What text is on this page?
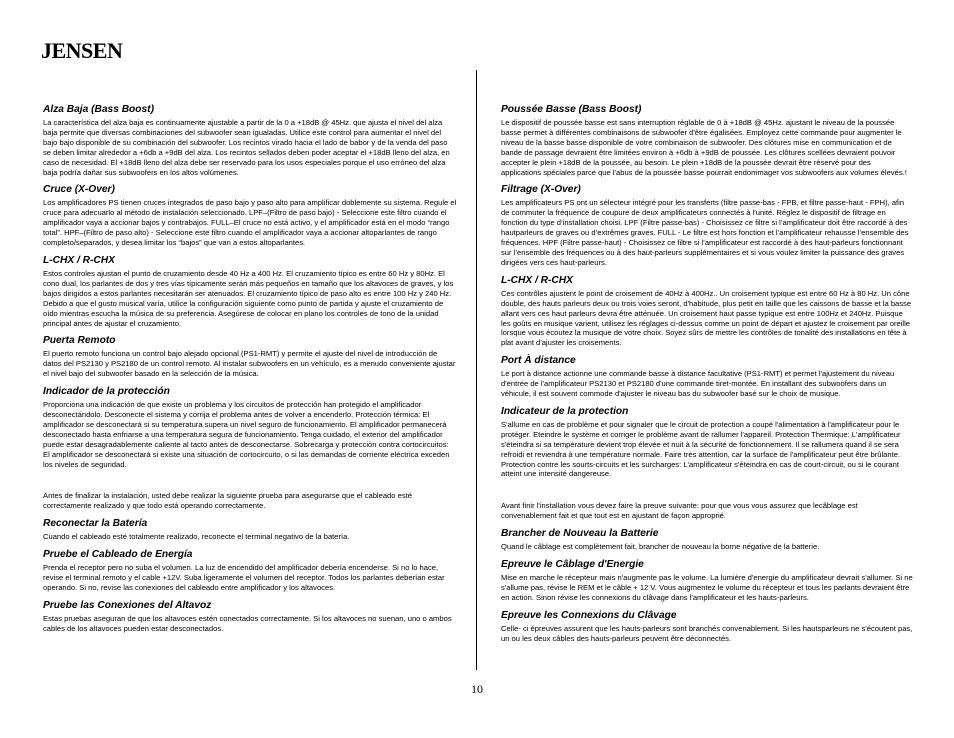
JENSEN
Alza Baja (Bass Boost)

La característica del alza baja es continuamente ajustable a partir de la 0 a +18dB @ 45Hz. que ajusta el nivel del alza baja permite que diversas combinaciones del subwoofer sean igualadas. Utilice este control para aumentar el nivel del bajo bajo disponible de su combinación del subwoofer. Los recintos virado hacia el lado de babor y de la venda del paso se deben limitar alrededor a +6db a +9dB del alza. Los recintos sellados deben poder aceptar el +18dB lleno del alza, en caso de necesidad. El +18dB lleno del alza debe ser reservado para los usos especiales porque el uso erróneo del alza baja podría dañar sus subwoofers en los altos volúmenes.

Cruce (X-Over)

Los amplificadores PS tienen cruces integrados de paso bajo y paso alto para amplificar doblemente su sistema. Regule el cruce para adecuarlo al método de instalación seleccionado. LPF–(Filtro de paso bajo) - Seleccione este filtro cuando el amplificador vaya a accionar bajos y contrabajos. FULL–El cruce no está activo, y el amplificador está en el modo “rango total”. HPF–(Filtro de paso alto) - Seleccione este filtro cuando el amplificador vaya a accionar altoparlantes de rango completo/separados, y desea limitar los “bajos” que van a estos altoparlantes.

L-CHX / R-CHX

Estos controles ajustan el punto de cruzamiento desde 40 Hz a 400 Hz. El cruzamiento típico es entre 60 Hz y 80Hz. El cono dual, los parlantes de dos y tres vías típicamente serán más pequeños en tamaño que los altavoces de graves, y los bajos dirigidos a estos parlantes necesitarán ser atenuados. El cruzamiento típico de paso alto es entre 100 Hz y 240 Hz. Debido a que el gusto musical varía, utilice la configuración siguiente como punto de partida y ajuste el cruzamiento de oído mientras escucha la música de su preferencia. Asegúrese de colocar en plano los controles de tono de la unidad principal antes de ajustar el cruzamiento.

Puerta Remoto

El puerto remoto funciona un control bajo alejado opcional (PS1-RMT) y permite el ajuste del nivel de introducción de datos del PS2130 y PS2180 de un control remoto. Al instalar subwoofers en un vehículo, es a menudo conveniente ajustar el nivel bajo del subwoofer basado en la selección de la música.

Indicador de la protección

Proporciona una indicación de que existe un problema y los circuitos de protección han protegido el amplificador desconectándolo. Desconecte el sistema y corrija el problema antes de volver a encenderlo. Protección térmica: El amplificador se desconectará si su temperatura supera un nivel seguro de funcionamiento. El amplificador permanecerá desconectado hasta enfriarse a una temperatura segura de funcionamiento. Tenga cuidado, el exterior del amplificador puede estar desagradablemente caliente al tacto antes de desconectarse. Sobrecarga y protección contra cortocircuitos: El amplificador se desconectará si existe una situación de cortocircuito, o si las demandas de corriente eléctrica exceden los niveles de seguridad.

Antes de finalizar la instalación, usted debe realizar la siguiente prueba para asegurarse que el cableado esté correctamente realizado y que todo está operando correctamente.

Reconectar la Batería

Cuando el cableado esté totalmente realizado, reconecte el terminal negativo de la batería.

Pruebe el Cableado de Energía

Prenda el receptor pero no suba el volumen. La luz de encendido del amplificador debería encenderse. Si no lo hace, revise el terminal remoto y el cable +12V. Suba ligeramente el volumen del receptor. Todos los parlantes deberían estar operando. Si no, revise las conexiones del cableado entre amplificador y los altavoces.

Pruebe las Conexiones del Altavoz

Estas pruebas aseguran de que los altavoces estén conectados correctamente. Si los altavoces no suenan, uno o ambos cables de los altavoces pueden estar desconectados.

Poussée Basse (Bass Boost)

Le dispositif de poussée basse est sans interruption réglable de 0 à +18dB @ 45Hz. ajustant le niveau de la poussée basse permet à différentes combinaisons de subwoofer d'être égalisées. Employez cette commande pour augmenter le niveau de la basse basse disponible de votre combinaison de subwoofer. Des clôtures mise en communication et de bande de passage devraient être limitées environ à +6db à +9dB de poussée. Les clôtures scellées devraient pouvoir accepter le plein +18dB de la poussée, au besoin. Le plein +18dB de la poussée devrait être réservé pour des applications spéciales parce que l'abus de la poussée basse pourrait endommager vos subwoofers aux volumes élevés.!

Filtrage (X-Over)

Les amplificateurs PS ont un sélecteur intégré pour les transferts (filtre passe-bas - FPB, et filtre passe-haut - FPH), afin de commuter la fréquence de coupure de deux amplificateurs connectés à l'unité. Réglez le dispositif de filtrage en fonction du type d’installation choisi. LPF (Filtre passe-bas) - Choisissez ce filtre si l’amplificateur doit être raccordé à des hautparleurs de graves ou d’extrêmes graves. FULL - Le filtre est hors fonction et l’amplificateur rehausse l’ensemble des fréquences. HPF (Filtre passe-haut) - Choisissez ce filtre si l’amplificateur est raccordé à des haut-parleurs fonctionnant sur l’ensemble des fréquences ou à des haut-parleurs supplémentaires et si vous voulez limiter la puissance des graves dirigées vers ces haut-parleurs.

L-CHX / R-CHX

Ces contrôles ajustent le point de croisement de 40Hz à 400Hz.. Un croisement typique est entre 60 Hz à 80 Hz. Un cône double, des hauts parleurs deux ou trois voies seront, d'habitude, plus petit en taille que les caissons de basse et la basse allant vers ces haut parleurs devra être atténuée. Un croisement haut passe typique est entre 100Hz et 240Hz. Puisque les goûts en musique varient, utilisez les réglages ci-dessus comme un point de départ et ajustez le croisement par oreille lorsque vous écoutez la musique de votre choix. Soyez sûrs de mettre les contrôles de tonalité des installations en tête à plat avant d'ajuster les croisements.

Port À distance

Le port à distance actionne une commande basse à distance facultative (PS1-RMT) et permet l'ajustement du niveau d'entrée de l'amplificateur PS2130 et PS2180 d'une commande tiret-montée. En installant des subwoofers dans un véhicule, il est souvent commode d'ajuster le niveau bas du subwoofer basé sur le choix de musique.

Indicateur de la protection

S'allume en cas de problème et pour signaler que le circuit de protection a coupé l'alimentation à l'amplificateur pour le protéger. Eteindre le système et corriger le problème avant de rallumer l'appareil. Protection Thermique: L'amplificateur s'éteindra si sa température devient trop élevée et nuit à la sécurité de fonctionnement. Il se rallumera quand il se sera refroidi et reviendra à une température normale. Faire très attention, car la surface de l'amplificateur peut être brûlante. Protection contre les sourts-circuits et les surcharges: L'amplificateur s'éteindra en cas de court-circuit, ou si le courant atteint une intensité dangereuse.

Avant finir l'installation vous devez faire la preuve suivante: pour que vous vous assurez que lecâblage est convenablement fait et que tout est en ajustant de façon approprié.

Brancher de Nouveau la Batterie

Quand le câblage est complètement fait, brancher de nouveau la borne négative de la batterie.

Epreuve le Câblage d'Energie

Mise en marche le récepteur mais n'augmente pas le volume. La lumière d'energie du amplificateur devrait s'allumer. Si ne s'allume pas, révise le REM et le câble + 12 V. Vous augmentez le volume du récepteur et tous les parlants devraient être en action. Sinon révise les connexions du clâvage dans l'amplificateur et les hauts-parleurs.

Epreuve les Connexions du Clâvage

Celle- ci épreuves assurent que les hauts-parleurs sont branchés convenablement. Si les hautsparleurs ne s'écoutent pas, un ou les deux câbles des hauts-parleurs peuvent être déconnectés.

10
